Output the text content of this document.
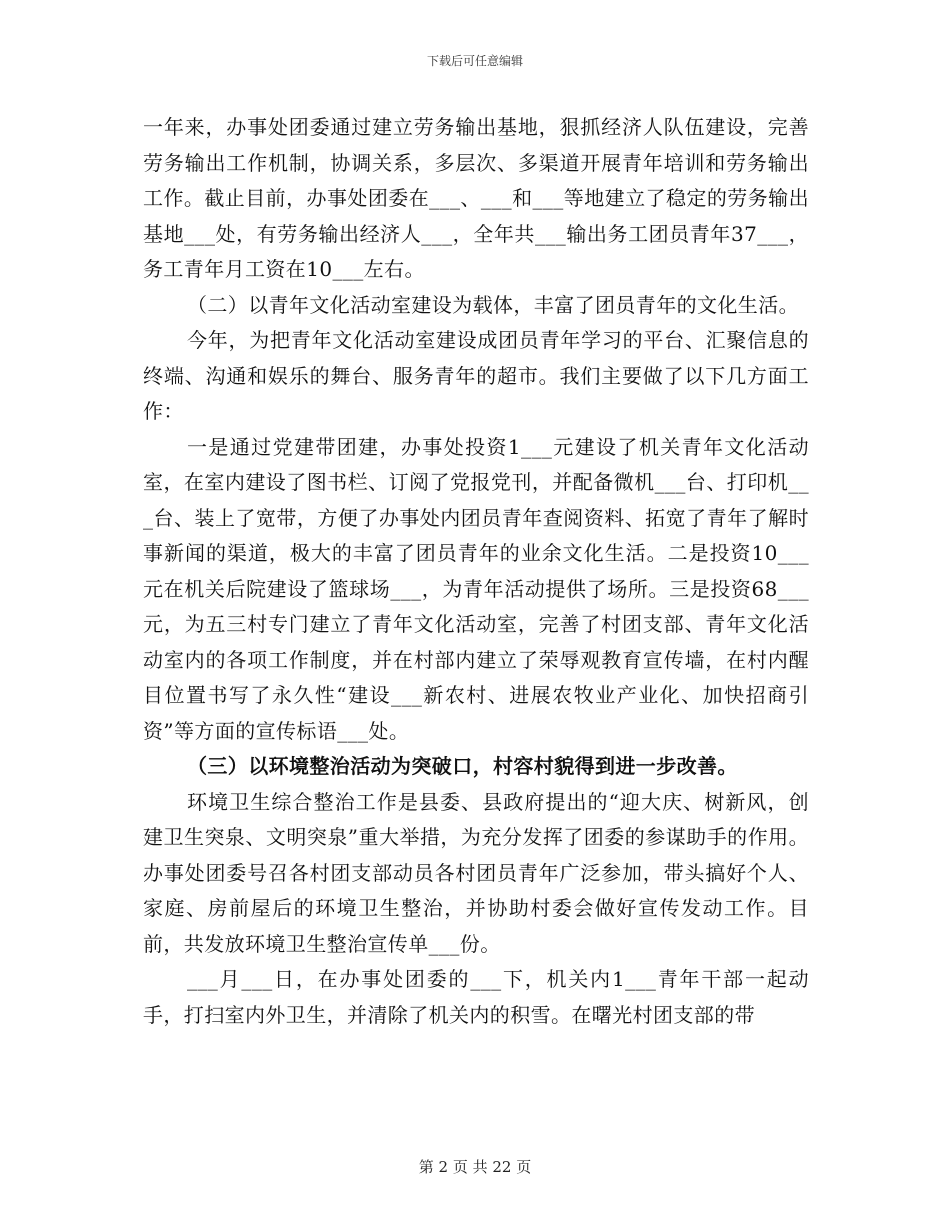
下载后可任意编辑

一年来，办事处团委通过建立劳务输出基地，狠抓经济人队伍建设，完善劳务输出工作机制，协调关系，多层次、多渠道开展青年培训和劳务输出工作。截止目前，办事处团委在___、___和___等地建立了稳定的劳务输出基地___处，有劳务输出经济人___，全年共___输出务工团员青年37___，务工青年月工资在10___左右。

（二）以青年文化活动室建设为载体，丰富了团员青年的文化生活。

今年，为把青年文化活动室建设成团员青年学习的平台、汇聚信息的终端、沟通和娱乐的舞台、服务青年的超市。我们主要做了以下几方面工作：

一是通过党建带团建，办事处投资1___元建设了机关青年文化活动室，在室内建设了图书栏、订阅了党报党刊，并配备微机___台、打印机___台、装上了宽带，方便了办事处内团员青年查阅资料、拓宽了青年了解时事新闻的渠道，极大的丰富了团员青年的业余文化生活。二是投资10___元在机关后院建设了篮球场___，为青年活动提供了场所。三是投资68___元，为五三村专门建立了青年文化活动室，完善了村团支部、青年文化活动室内的各项工作制度，并在村部内建立了荣辱观教育宣传墙，在村内醒目位置书写了永久性“建设___新农村、进展农牧业产业化、加快招商引资”等方面的宣传标语___处。

（三）以环境整治活动为突破口，村容村貌得到进一步改善。

环境卫生综合整治工作是县委、县政府提出的“迎大庆、树新风，创建卫生突泉、文明突泉”重大举措，为充分发挥了团委的参谋助手的作用。办事处团委号召各村团支部动员各村团员青年广泛参加，带头搞好个人、家庭、房前屋后的环境卫生整治，并协助村委会做好宣传发动工作。目前，共发放环境卫生整治宣传单___份。

___月___日，在办事处团委的___下，机关内1___青年干部一起动手，打扫室内外卫生，并清除了机关内的积雪。在曙光村团支部的带

第 2 页 共 22 页
